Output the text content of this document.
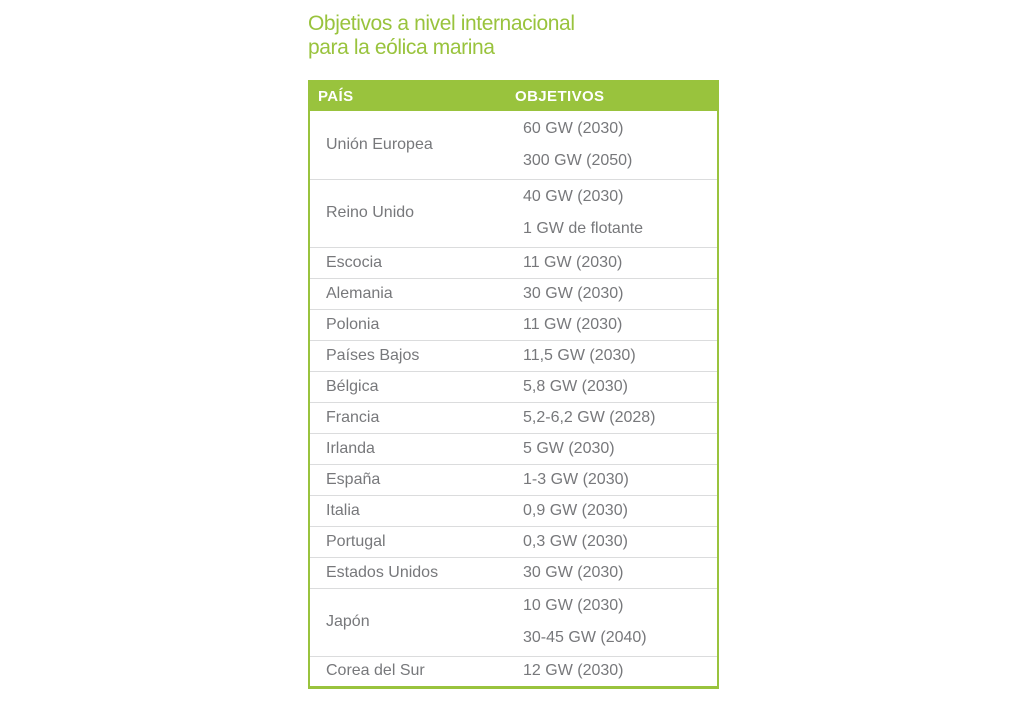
Objetivos a nivel internacional
para la eólica marina
PAÍS	OBJETIVOS
Unión Europea	60 GW (2030)
300 GW (2050)

Reino Unido	40 GW (2030)
1 GW de flotante

Escocia	11 GW (2030)

Alemania	30 GW (2030)

Polonia	11 GW (2030)

Países Bajos	11,5 GW (2030)

Bélgica	5,8 GW (2030)

Francia	5,2-6,2 GW (2028)

Irlanda	5 GW (2030)

España	1-3 GW (2030)

Italia	0,9 GW (2030)

Portugal	0,3 GW (2030)

Estados Unidos	30 GW (2030)

Japón	10 GW (2030)
30-45 GW (2040)

Corea del Sur	12 GW (2030)
